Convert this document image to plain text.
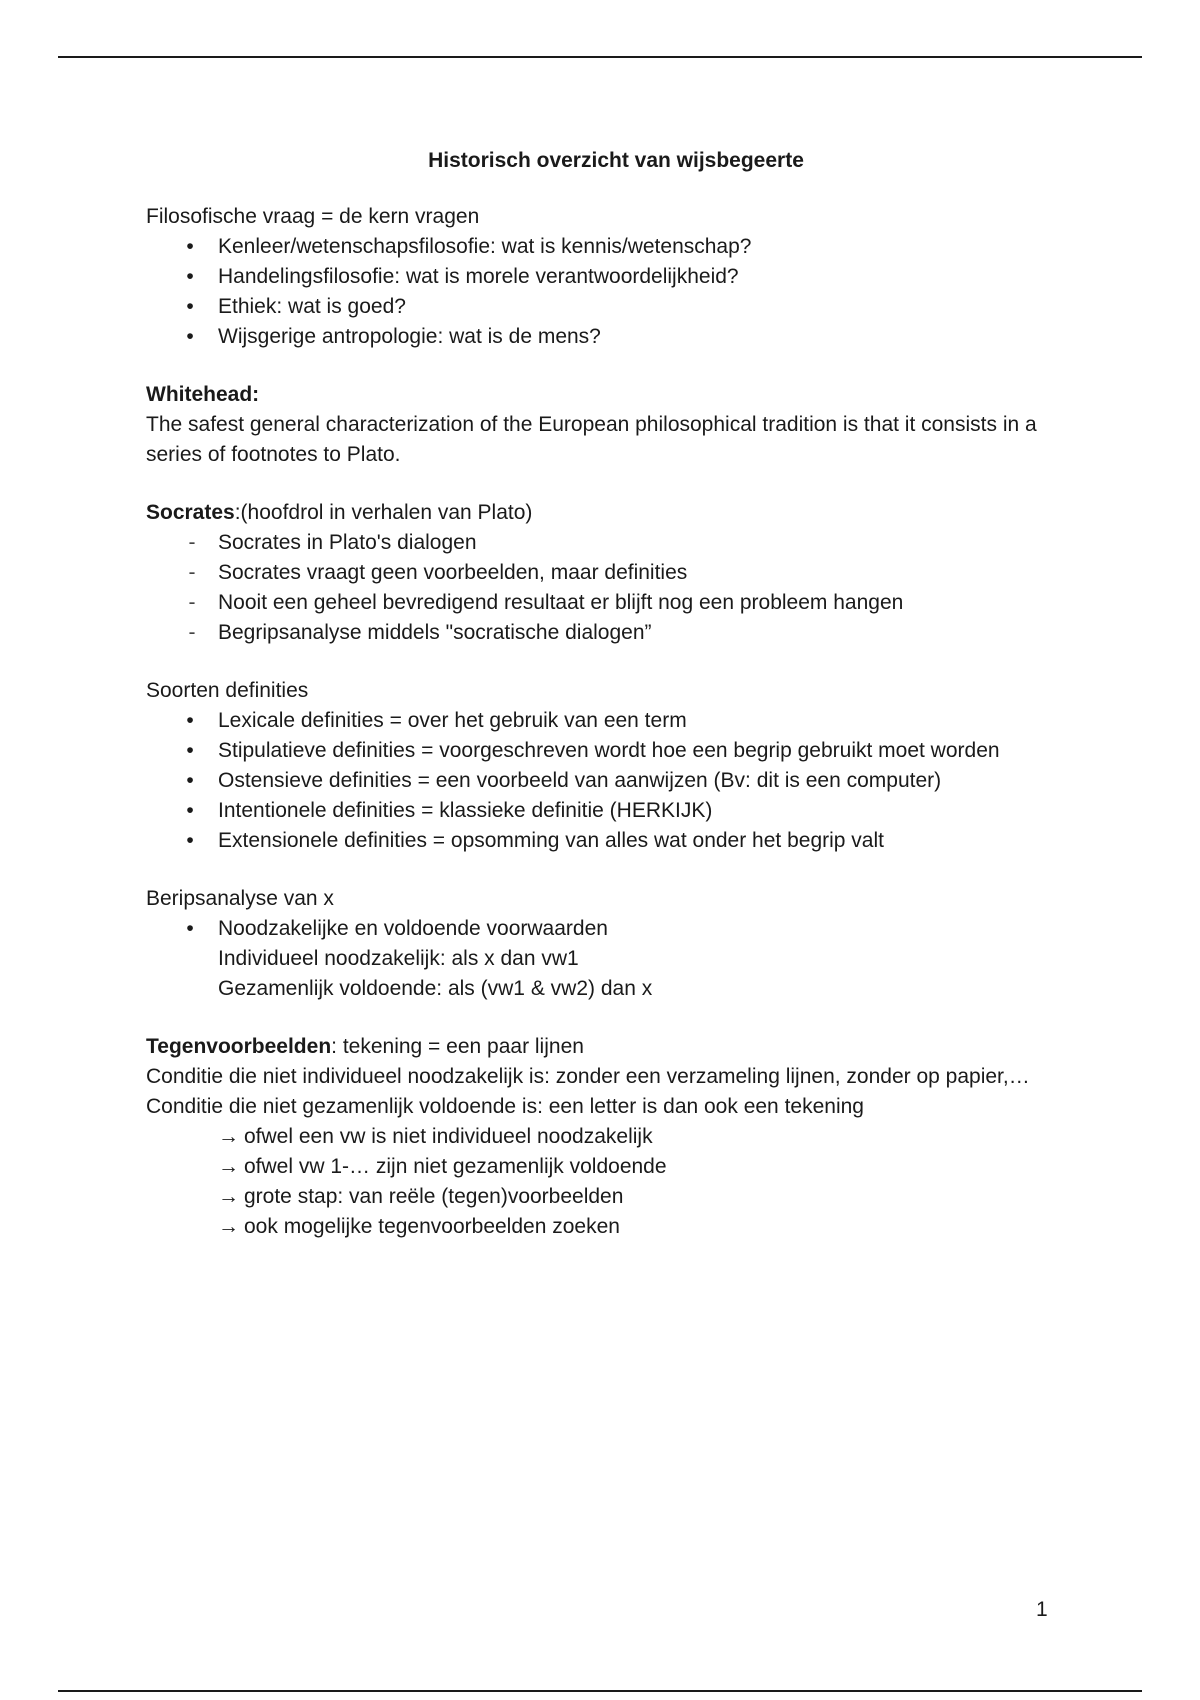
Historisch overzicht van wijsbegeerte

Filosofische vraag = de kern vragen

•	Kenleer/wetenschapsfilosofie: wat is kennis/wetenschap?
•	Handelingsfilosofie: wat is morele verantwoordelijkheid?
•	Ethiek: wat is goed?
•	Wijsgerige antropologie: wat is de mens?

Whitehead:

The safest general characterization of the European philosophical tradition is that it consists in a series of footnotes to Plato.

Socrates:(hoofdrol in verhalen van Plato)

-	Socrates in Plato's dialogen
-	Socrates vraagt geen voorbeelden, maar definities
-	Nooit een geheel bevredigend resultaat er blijft nog een probleem hangen
-	Begripsanalyse middels "socratische dialogen”

Soorten definities

•	Lexicale definities = over het gebruik van een term
•	Stipulatieve definities = voorgeschreven wordt hoe een begrip gebruikt moet worden
•	Ostensieve definities = een voorbeeld van aanwijzen (Bv: dit is een computer)
•	Intentionele definities = klassieke definitie (HERKIJK)
•	Extensionele definities = opsomming van alles wat onder het begrip valt

Beripsanalyse van x

•	Noodzakelijke en voldoende voorwaarden

Individueel noodzakelijk: als x dan vw1

Gezamenlijk voldoende: als (vw1 & vw2) dan x

Tegenvoorbeelden: tekening = een paar lijnen

Conditie die niet individueel noodzakelijk is: zonder een verzameling lijnen, zonder op papier,…

Conditie die niet gezamenlijk voldoende is: een letter is dan ook een tekening

→ ofwel een vw is niet individueel noodzakelijk

→ ofwel vw 1-… zijn niet gezamenlijk voldoende

→ grote stap: van reële (tegen)voorbeelden

→ ook mogelijke tegenvoorbeelden zoeken

1
